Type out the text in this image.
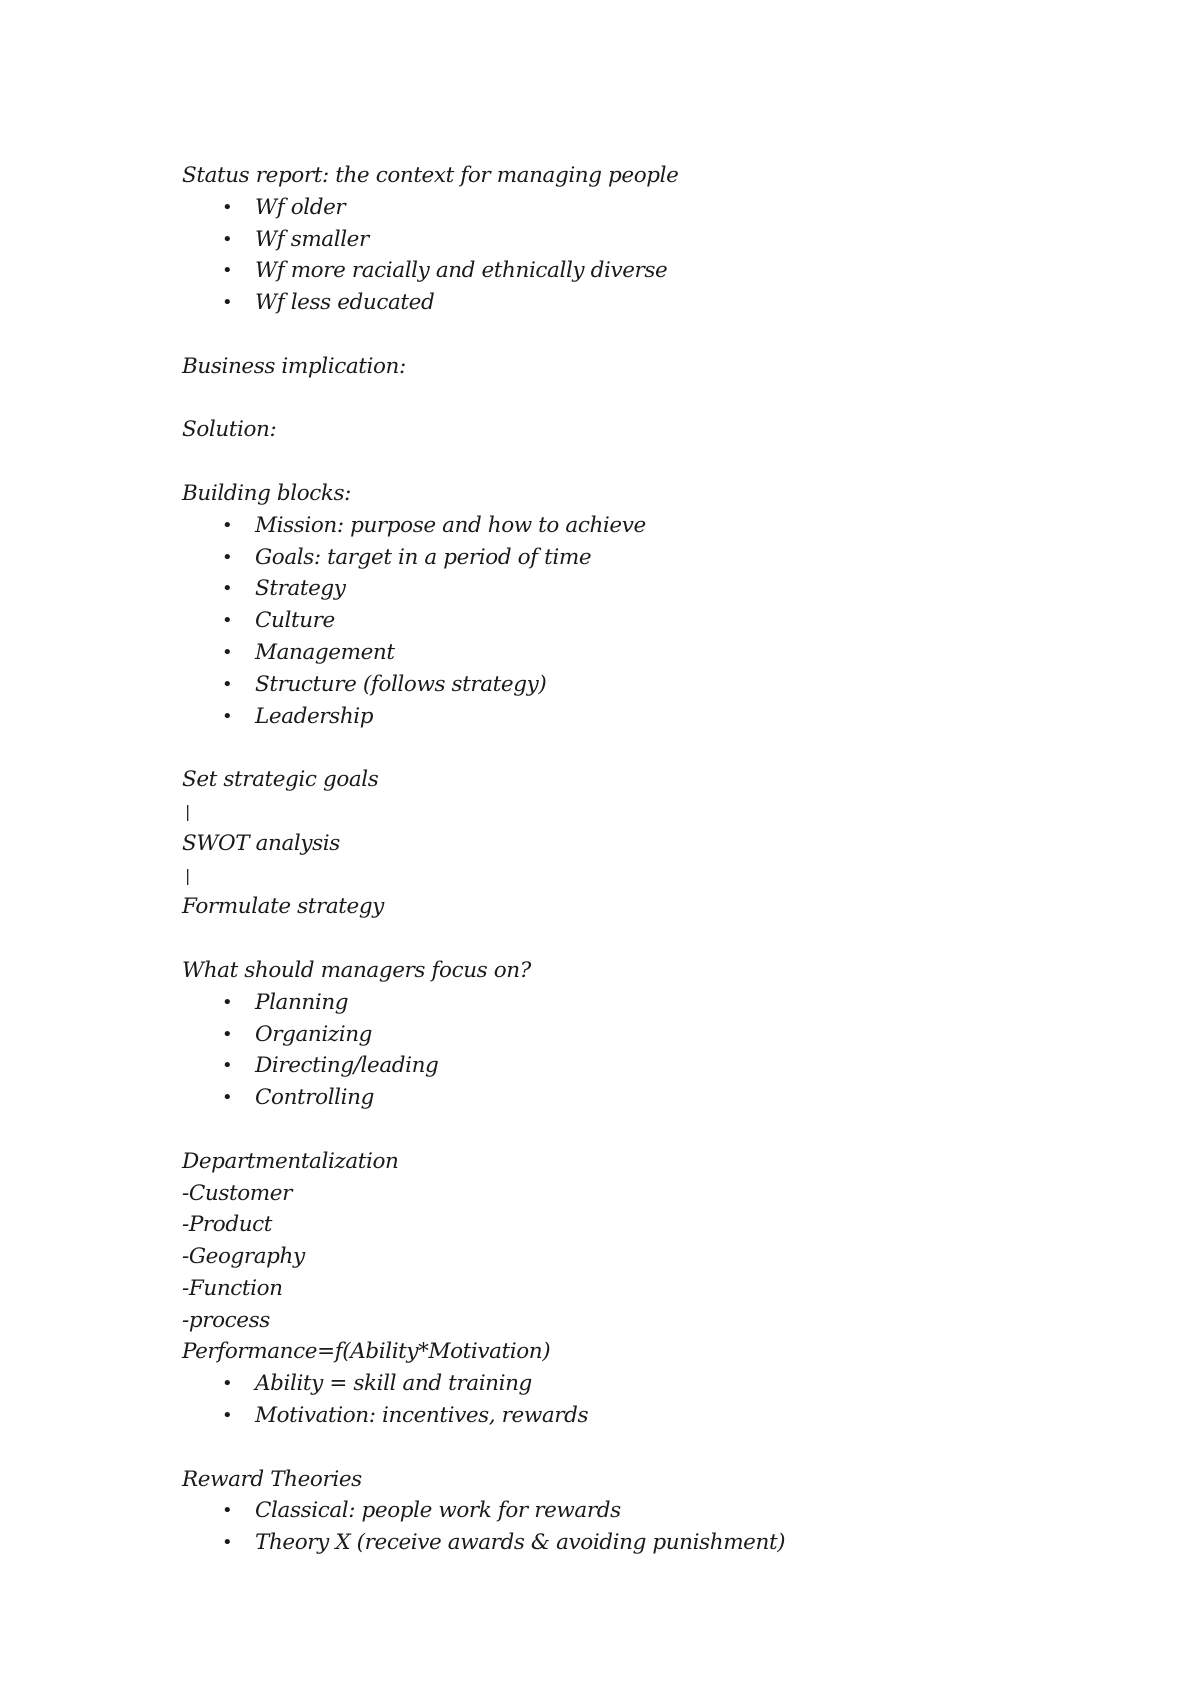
Status report: the context for managing people
• Wf older
• Wf smaller
• Wf more racially and ethnically diverse
• Wf less educated
Business implication:
Solution:
Building blocks:
• Mission: purpose and how to achieve
• Goals: target in a period of time
• Strategy
• Culture
• Management
• Structure (follows strategy)
• Leadership
Set strategic goals
|
SWOT analysis
|
Formulate strategy
What should managers focus on?
• Planning
• Organizing
• Directing/leading
• Controlling
Departmentalization
-Customer
-Product
-Geography
-Function
-process
Performance=f(Ability*Motivation)
• Ability = skill and training
• Motivation: incentives, rewards
Reward Theories
• Classical: people work for rewards
• Theory X (receive awards & avoiding punishment)
